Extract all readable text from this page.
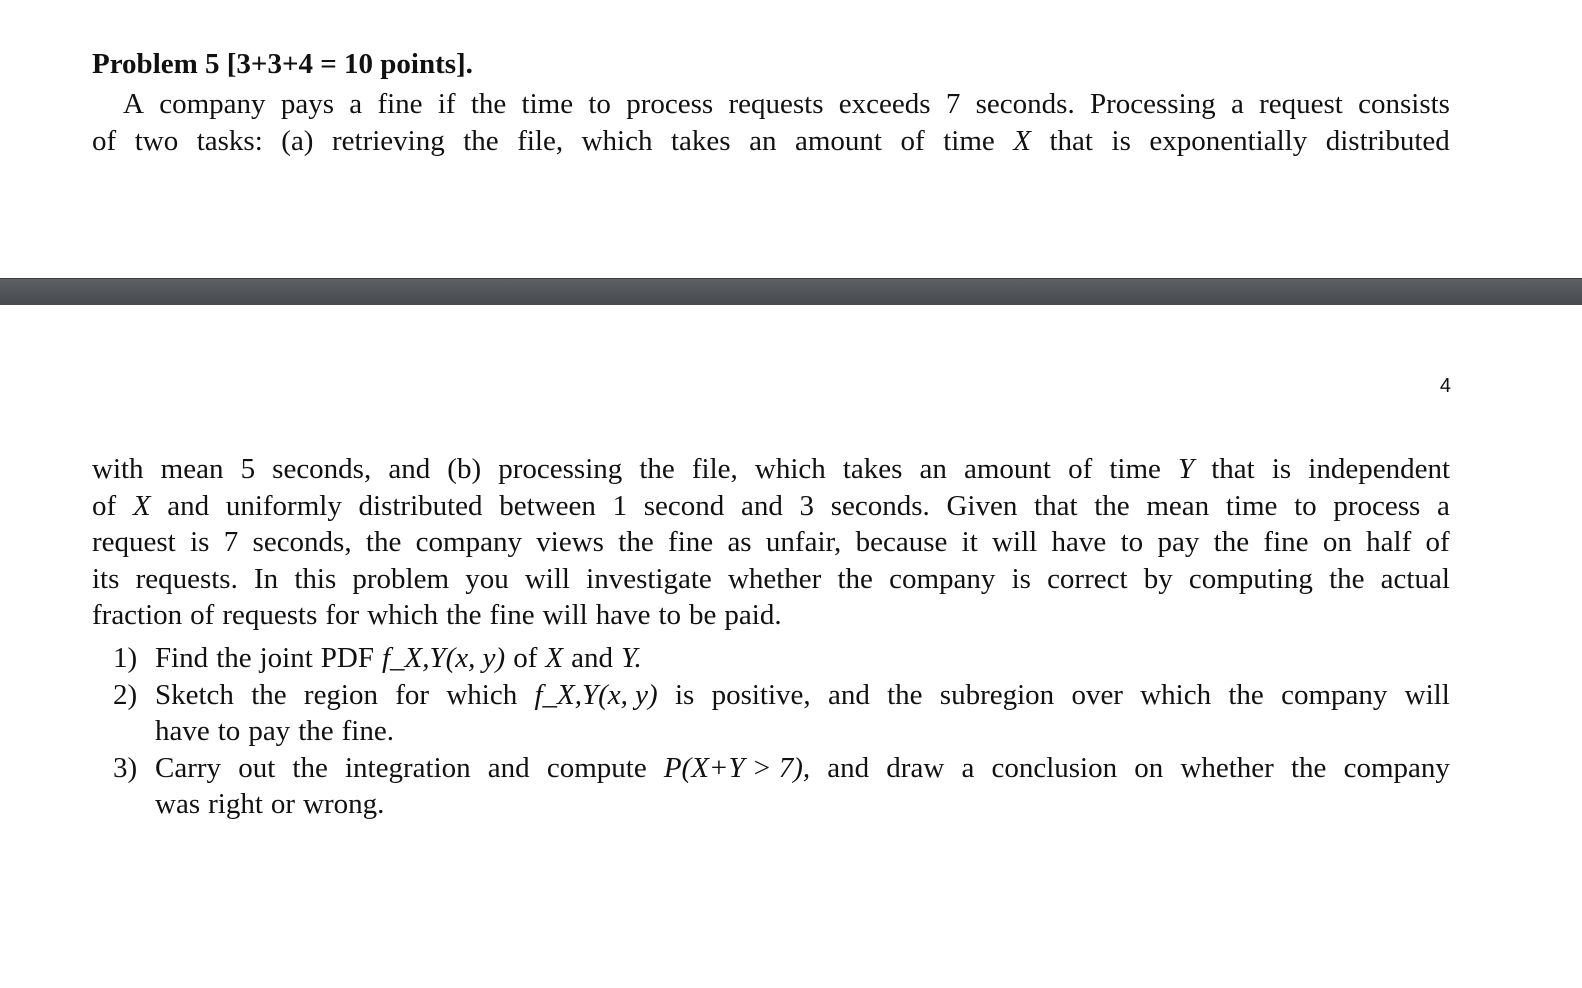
Problem 5 [3+3+4 = 10 points].
A company pays a fine if the time to process requests exceeds 7 seconds. Processing a request consists
of two tasks: (a) retrieving the file, which takes an amount of time X that is exponentially distributed
4
with mean 5 seconds, and (b) processing the file, which takes an amount of time Y that is independent
of X and uniformly distributed between 1 second and 3 seconds. Given that the mean time to process a
request is 7 seconds, the company views the fine as unfair, because it will have to pay the fine on half of
its requests. In this problem you will investigate whether the company is correct by computing the actual
fraction of requests for which the fine will have to be paid.
1) Find the joint PDF f_X,Y(x, y) of X and Y.
2) Sketch the region for which f_X,Y(x, y) is positive, and the subregion over which the company will
have to pay the fine.
3) Carry out the integration and compute P(X+Y > 7), and draw a conclusion on whether the company
was right or wrong.
